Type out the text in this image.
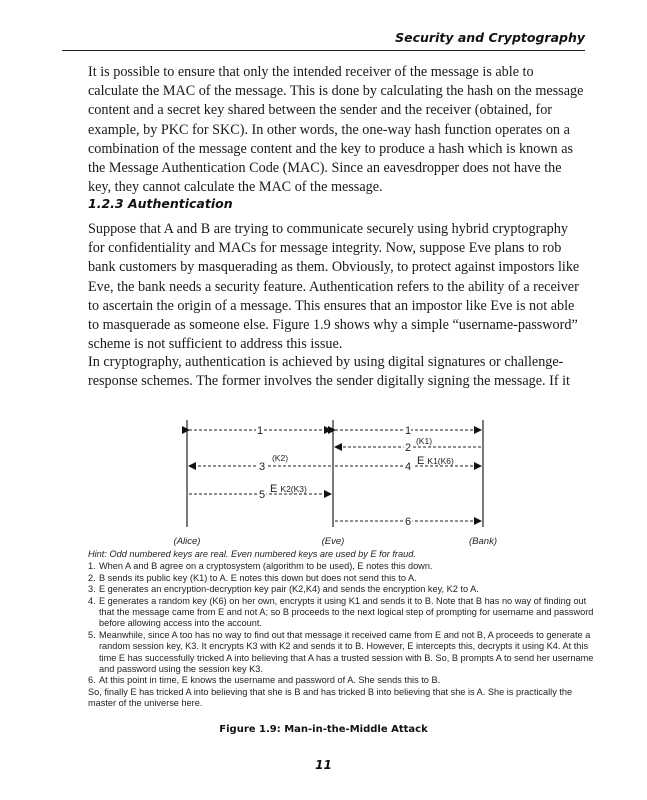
Security and Cryptography

It is possible to ensure that only the intended receiver of the message is able to calculate the MAC of the message. This is done by calculating the hash on the message content and a secret key shared between the sender and the receiver (obtained, for example, by PKC for SKC). In other words, the one-way hash function operates on a combination of the message content and the key to produce a hash which is known as the Message Authentication Code (MAC). Since an eavesdropper does not have the key, they cannot calculate the MAC of the message.

1.2.3 Authentication

Suppose that A and B are trying to communicate securely using hybrid cryptography for confidentiality and MACs for message integrity. Now, suppose Eve plans to rob bank customers by masquerading as them. Obviously, to protect against impostors like Eve, the bank needs a security feature. Authentication refers to the ability of a receiver to ascertain the origin of a message. This ensures that an impostor like Eve is not able to masquerade as someone else. Figure 1.9 shows why a simple “username-password” scheme is not sufficient to address this issue.

In cryptography, authentication is achieved by using digital signatures or challenge-response schemes. The former involves the sender digitally signing the message. If it

1	1
2
(K1)
3
(K2)
4 E K1(K6)
5 E K2(K3)
6
(Alice)	(Eve)	(Bank)

Hint: Odd numbered keys are real. Even numbered keys are used by E for fraud.

1. When A and B agree on a cryptosystem (algorithm to be used), E notes this down.
2. B sends its public key (K1) to A. E notes this down but does not send this to A.
3. E generates an encryption-decryption key pair (K2,K4) and sends the encryption key, K2 to A.
4. E generates a random key (K6) on her own, encrypts it using K1 and sends it to B. Note that B has no way of finding out that the message came from E and not A; so B proceeds to the next logical step of prompting for username and password before allowing access into the account.
5. Meanwhile, since A too has no way to find out that message it received came from E and not B, A proceeds to generate a random session key, K3. It encrypts K3 with K2 and sends it to B. However, E intercepts this, decrypts it using K4. At this time E has successfully tricked A into believing that A has a trusted session with B. So, B prompts A to send her username and password using the session key K3.
6. At this point in time, E knows the username and password of A. She sends this to B.

So, finally E has tricked A into believing that she is B and has tricked B into believing that she is A. She is practically the master of the universe here.

Figure 1.9: Man-in-the-Middle Attack
11
